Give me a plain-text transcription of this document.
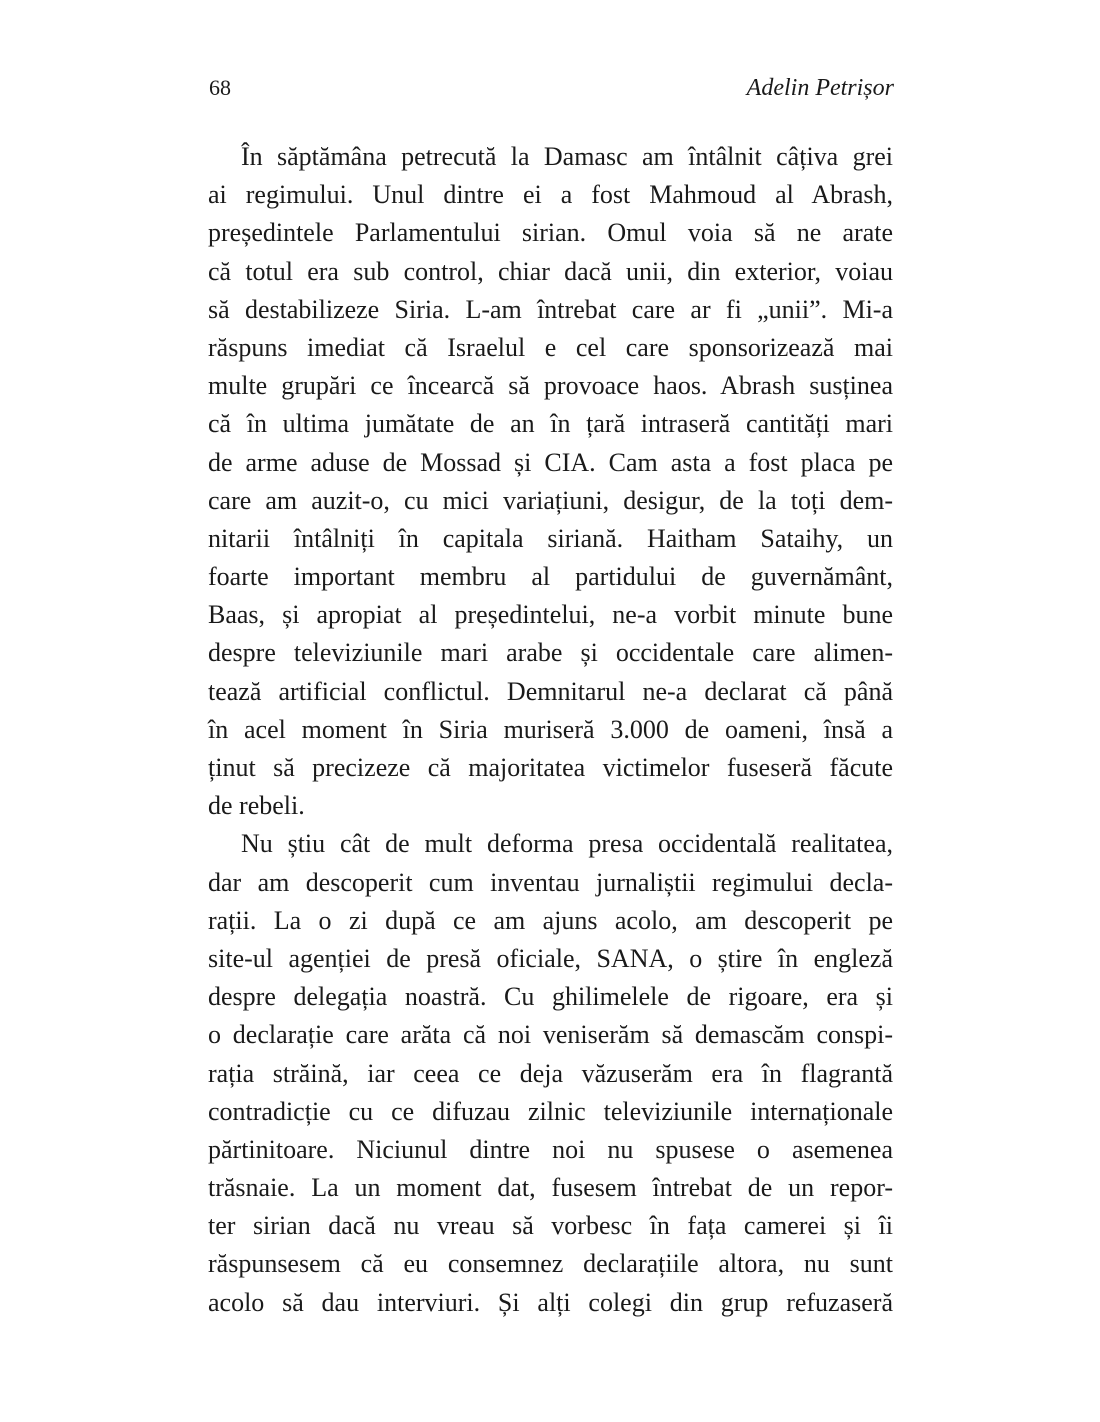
68	Adelin Petrișor
În săptămâna petrecută la Damasc am întâlnit câțiva grei
ai regimului. Unul dintre ei a fost Mahmoud al Abrash,
președintele Parlamentului sirian. Omul voia să ne arate
că totul era sub control, chiar dacă unii, din exterior, voiau
să destabilizeze Siria. L-am întrebat care ar fi „unii”. Mi-a
răspuns imediat că Israelul e cel care sponsorizează mai
multe grupări ce încearcă să provoace haos. Abrash susținea
că în ultima jumătate de an în țară intraseră cantități mari
de arme aduse de Mossad și CIA. Cam asta a fost placa pe
care am auzit-o, cu mici variațiuni, desigur, de la toți dem-
nitarii întâlniți în capitala siriană. Haitham Sataihy, un
foarte important membru al partidului de guvernământ,
Baas, și apropiat al președintelui, ne-a vorbit minute bune
despre televiziunile mari arabe și occidentale care alimen-
tează artificial conflictul. Demnitarul ne-a declarat că până
în acel moment în Siria muriseră 3.000 de oameni, însă a
ținut să precizeze că majoritatea victimelor fuseseră făcute
de rebeli.
Nu știu cât de mult deforma presa occidentală realitatea,
dar am descoperit cum inventau jurnaliștii regimului decla-
rații. La o zi după ce am ajuns acolo, am descoperit pe
site-ul agenției de presă oficiale, SANA, o știre în engleză
despre delegația noastră. Cu ghilimelele de rigoare, era și
o declarație care arăta că noi veniserăm să demascăm conspi-
rația străină, iar ceea ce deja văzuserăm era în flagrantă
contradicție cu ce difuzau zilnic televiziunile internaționale
părtinitoare. Niciunul dintre noi nu spusese o asemenea
trăsnaie. La un moment dat, fusesem întrebat de un repor-
ter sirian dacă nu vreau să vorbesc în fața camerei și îi
răspunsesem că eu consemnez declarațiile altora, nu sunt
acolo să dau interviuri. Și alți colegi din grup refuzaseră
